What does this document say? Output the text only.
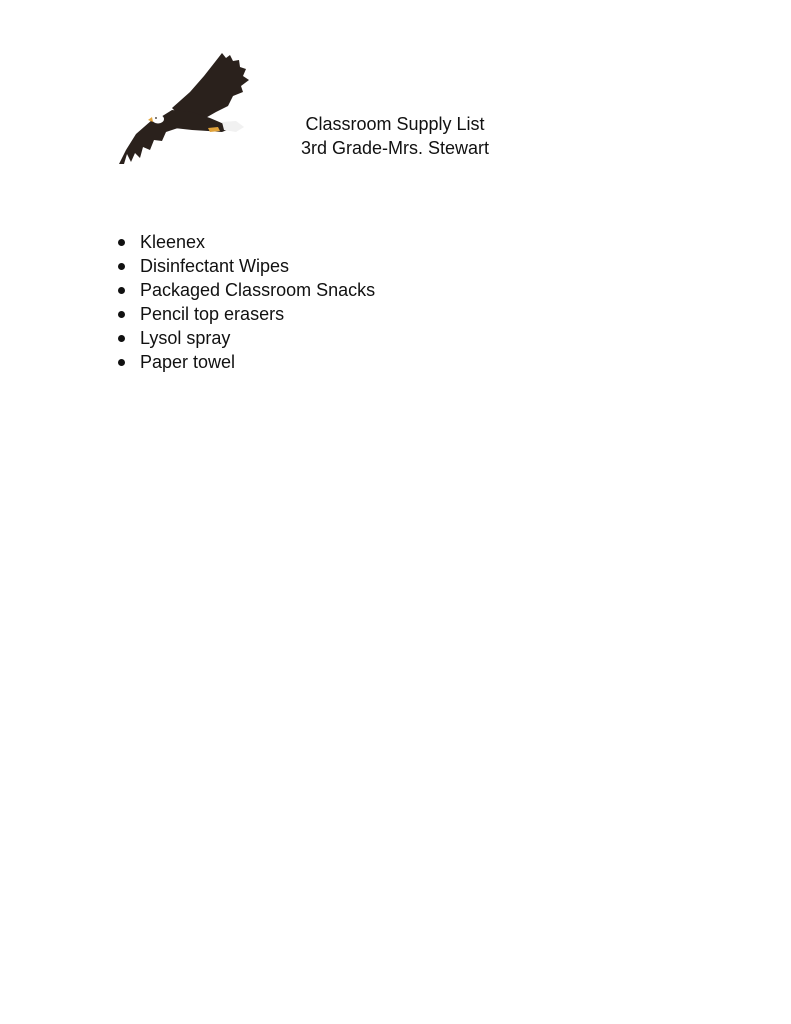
Classroom Supply List
3rd Grade-Mrs. Stewart
Kleenex
Disinfectant Wipes
Packaged Classroom Snacks
Pencil top erasers
Lysol spray
Paper towel
